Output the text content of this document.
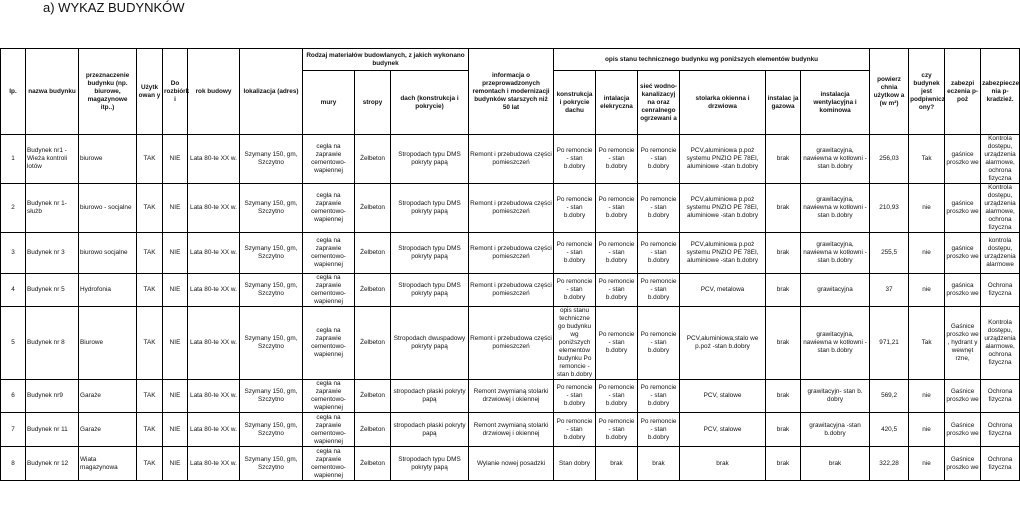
a) WYKAZ BUDYNKÓW
lp.	nazwa budynku	przeznaczenie budynku (np. biurowe, magazynowe itp..)	Użytk owan y	Do rozbiórk i	rok budowy	lokalizacja (adres)	Rodzaj materiałów budowlanych, z jakich wykonano budynek			informacja o przeprowadzonych remontach i modernizacji budynków starszych niż 50 lat	opis stanu technicznego budynku wg poniższych elementów budynku						powierz chnia użytkow a (w m²)	czy budynek jest podpiwnicz ony?	zabezpi eczenia p-poż	zabezpiecze nia p-kradzież.
							mury	stropy	dach (konstrukcja i pokrycie)		konstrukcja i pokrycie dachu	intalacja elekryczna	sieć wodno-kanalizacyj na oraz cenralnego ogrzewani a	stolarka okienna i drzwiowa	instalac ja gazowa	instalacja wentylacyjna i kominowa				
1	Budynek nr1 - Wieża kontroli lotów	biurowe	TAK	NIE	Lata 80-te XX w.	Szymany 150, gm, Szczytno	cegła na zaprawie cementowo-wapiennej	Żelbeton	Stropodach typu DMS pokryty papą	Remont i przebudowa części pomieszczeń	Po remoncie - stan b.dobry	Po remoncie - stan b.dobry	Po remoncie - stan b.dobry	PCV,aluminiowa p.poż systemu PNZIO PE 78EI, aluminiowe -stan b.dobry	brak	grawitacyjna, nawiewna w kotłowni - stan b.dobry	256,03	Tak	gaśnice proszko we	Kontrola dostępu, urządzenia alarmowe, ochrona fizyczna
2	Budynek nr 1- służb	biurowo - socjalne	TAK	NIE	Lata 80-te XX w.	Szymany 150, gm, Szczytno	cegła na zaprawie cementowo-wapiennej	Żelbeton	Stropodach typu DMS pokryty papą	Remont i przebudowa części pomieszczeń	Po remoncie - stan b.dobry	Po remoncie - stan b.dobry	Po remoncie - stan b.dobry	PCV,aluminiowa p.poż systemu PNZIO PE 78EI, aluminiowe -stan b.dobry	brak	grawitacyjna, nawiewna w kotłowni - stan b.dobry	210,93	nie	gaśnice proszko we	Kontrola dostępu, urządzenia alarmowe, ochrona fizyczna
3	Budynek nr 3	biurowo socjalne	TAK	NIE	Lata 80-te XX w.	Szymany 150, gm, Szczytno	cegła na zaprawie cementowo-wapiennej	Żelbeton	Stropodach typu DMS pokryty papą	Remont i przebudowa części pomieszczeń	Po remoncie - stan b.dobry	Po remoncie - stan b.dobry	Po remoncie - stan b.dobry	PCV,aluminiowa p.poż systemu PNZIO PE 78EI, aluminiowe -stan b.dobry	brak	grawitacyjna, nawiewna w kotłowni - stan b.dobry	255,5	nie	gaśnice proszko we	kontrola dostępu, urządzenia alarmowe
4	Budynek nr 5	Hydrofonia	TAK	NIE	Lata 80-te XX w.	Szymany 150, gm, Szczytno	cegła na zaprawie cementowo-wapiennej	Żelbeton	Stropodach typu DMS pokryty papą	Remont i przebudowa części pomieszczeń	Po remoncie - stan b.dobry	Po remoncie - stan b.dobry	Po remoncie - stan b.dobry	PCV, metalowa	brak	grawitacyjna	37	nie	gaśnica proszko we	Ochrona fizyczna
5	Budynek nr 8	Biurowe	TAK	NIE	Lata 80-te XX w.	Szymany 150, gm, Szczytno	cegła na zaprawie cementowo-wapiennej	Żelbeton	Stropodach dwuspadowy pokryty papą	Remont i przebudowa części pomieszczeń	opis stanu techniczne go budynku wg poniższych elementów budynku Po remoncie - stan b.dobry	Po remoncie - stan b.dobry	Po remoncie - stan b.dobry	PCV,aluminiowa,stalo we p.poż -stan b.dobry	brak	grawitacyjna, nawiewna w kotłowni - stan b.dobry	971,21	Tak	Gaśnice proszko we , hydrant y wewnęt rzne,	Kontrola dostępu, urządzenia alarmowe, ochrona fizyczna
6	Budynek nr9	Garaże	TAK	NIE	Lata 80-te XX w.	Szymany 150, gm, Szczytno	cegła na zaprawie cementowo-wapiennej	Żelbeton	stropodach płaski pokryty papą	Remont zwymianą stolarki drzwiowej i okiennej	Po remoncie - stan b.dobry	Po remoncie - stan b.dobry	Po remoncie - stan b.dobry	PCV, stalowe	brak	grawitacyjn- stan b. dobry	569,2	nie	Gaśnice proszko we	Ochrona fizyczna
7	Budynek nr 11	Garaże	TAK	NIE	Lata 80-te XX w.	Szymany 150, gm, Szczytno	cegła na zaprawie cementowo-wapiennej	Żelbeton	stropodach płaski pokryty papą	Remont zwymianą stolarki drzwiowej i okiennej	Po remoncie - stan b.dobry	Po remoncie - stan b.dobry	Po remoncie - stan b.dobry	PCV, stalowe	brak	grawitacyjna -stan b.dobry	420,5	nie	Gaśnice proszko we	Ochrona fizyczna
8	Budynek nr 12	Wiata magazynowa	TAK	NIE	Lata 80-te XX w.	Szymany 150, gm, Szczytno	cegła na zaprawie cementowo-wapiennej	Żelbeton	Stropodach typu DMS pokryty papą	Wylanie nowej posadzki	Stan dobry	brak	brak	brak	brak	brak	322,28	nie	Gaśnice proszko we	Ochrona fizyczna
